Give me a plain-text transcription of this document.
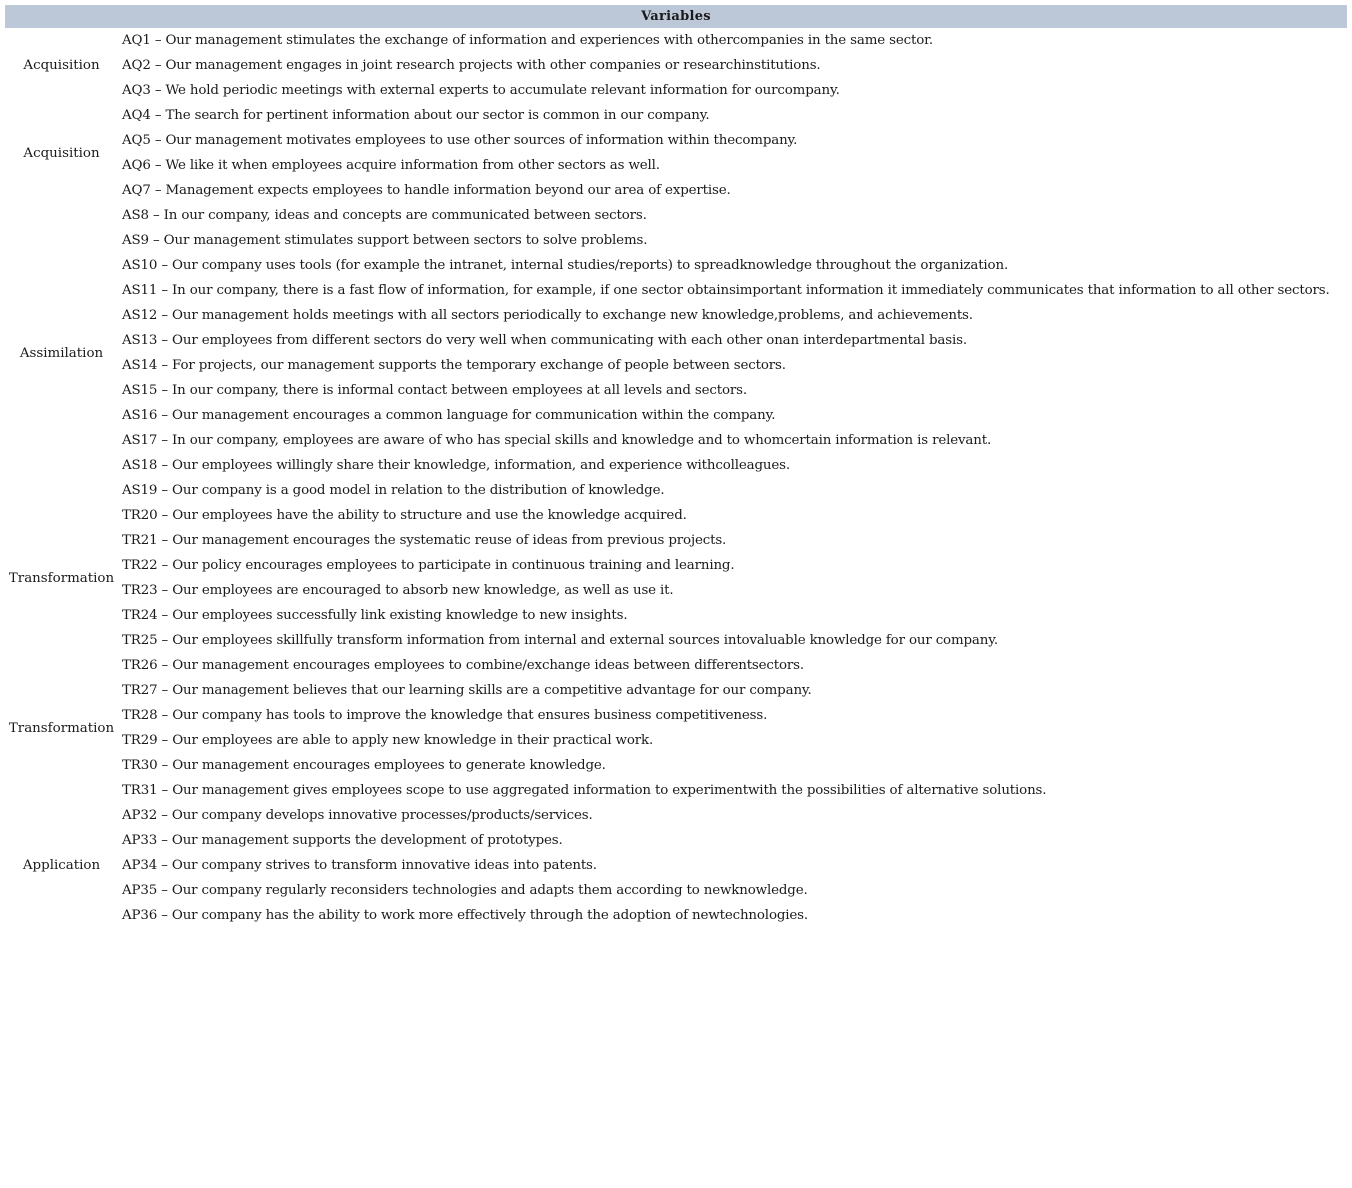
Variables	
Acquisition	AQ1 – Our management stimulates the exchange of information and experiences with othercompanies in the same sector.
	AQ2 – Our management engages in joint research projects with other companies or researchinstitutions.
	AQ3 – We hold periodic meetings with external experts to accumulate relevant information for ourcompany.
Acquisition	AQ4 – The search for pertinent information about our sector is common in our company.
	AQ5 – Our management motivates employees to use other sources of information within thecompany.
	AQ6 – We like it when employees acquire information from other sectors as well.
	AQ7 – Management expects employees to handle information beyond our area of expertise.
Assimilation	AS8 – In our company, ideas and concepts are communicated between sectors.
	AS9 – Our management stimulates support between sectors to solve problems.
	AS10 – Our company uses tools (for example the intranet, internal studies/reports) to spreadknowledge throughout the organization.
	AS11 – In our company, there is a fast flow of information, for example, if one sector obtainsimportant information it immediately communicates that information to all other sectors.
	AS12 – Our management holds meetings with all sectors periodically to exchange new knowledge,problems, and achievements.
	AS13 – Our employees from different sectors do very well when communicating with each other onan interdepartmental basis.
	AS14 – For projects, our management supports the temporary exchange of people between sectors.
	AS15 – In our company, there is informal contact between employees at all levels and sectors.
	AS16 – Our management encourages a common language for communication within the company.
	AS17 – In our company, employees are aware of who has special skills and knowledge and to whomcertain information is relevant.
	AS18 – Our employees willingly share their knowledge, information, and experience withcolleagues.
	AS19 – Our company is a good model in relation to the distribution of knowledge.
Transformation	TR20 – Our employees have the ability to structure and use the knowledge acquired.
	TR21 – Our management encourages the systematic reuse of ideas from previous projects.
	TR22 – Our policy encourages employees to participate in continuous training and learning.
	TR23 – Our employees are encouraged to absorb new knowledge, as well as use it.
	TR24 – Our employees successfully link existing knowledge to new insights.
	TR25 – Our employees skillfully transform information from internal and external sources intovaluable knowledge for our company.
Transformation	TR26 – Our management encourages employees to combine/exchange ideas between differentsectors.
	TR27 – Our management believes that our learning skills are a competitive advantage for our company.
	TR28 – Our company has tools to improve the knowledge that ensures business competitiveness.
	TR29 – Our employees are able to apply new knowledge in their practical work.
	TR30 – Our management encourages employees to generate knowledge.
	TR31 – Our management gives employees scope to use aggregated information to experimentwith the possibilities of alternative solutions.
Application	AP32 – Our company develops innovative processes/products/services.
	AP33 – Our management supports the development of prototypes.
	AP34 – Our company strives to transform innovative ideas into patents.
	AP35 – Our company regularly reconsiders technologies and adapts them according to newknowledge.
	AP36 – Our company has the ability to work more effectively through the adoption of newtechnologies.
